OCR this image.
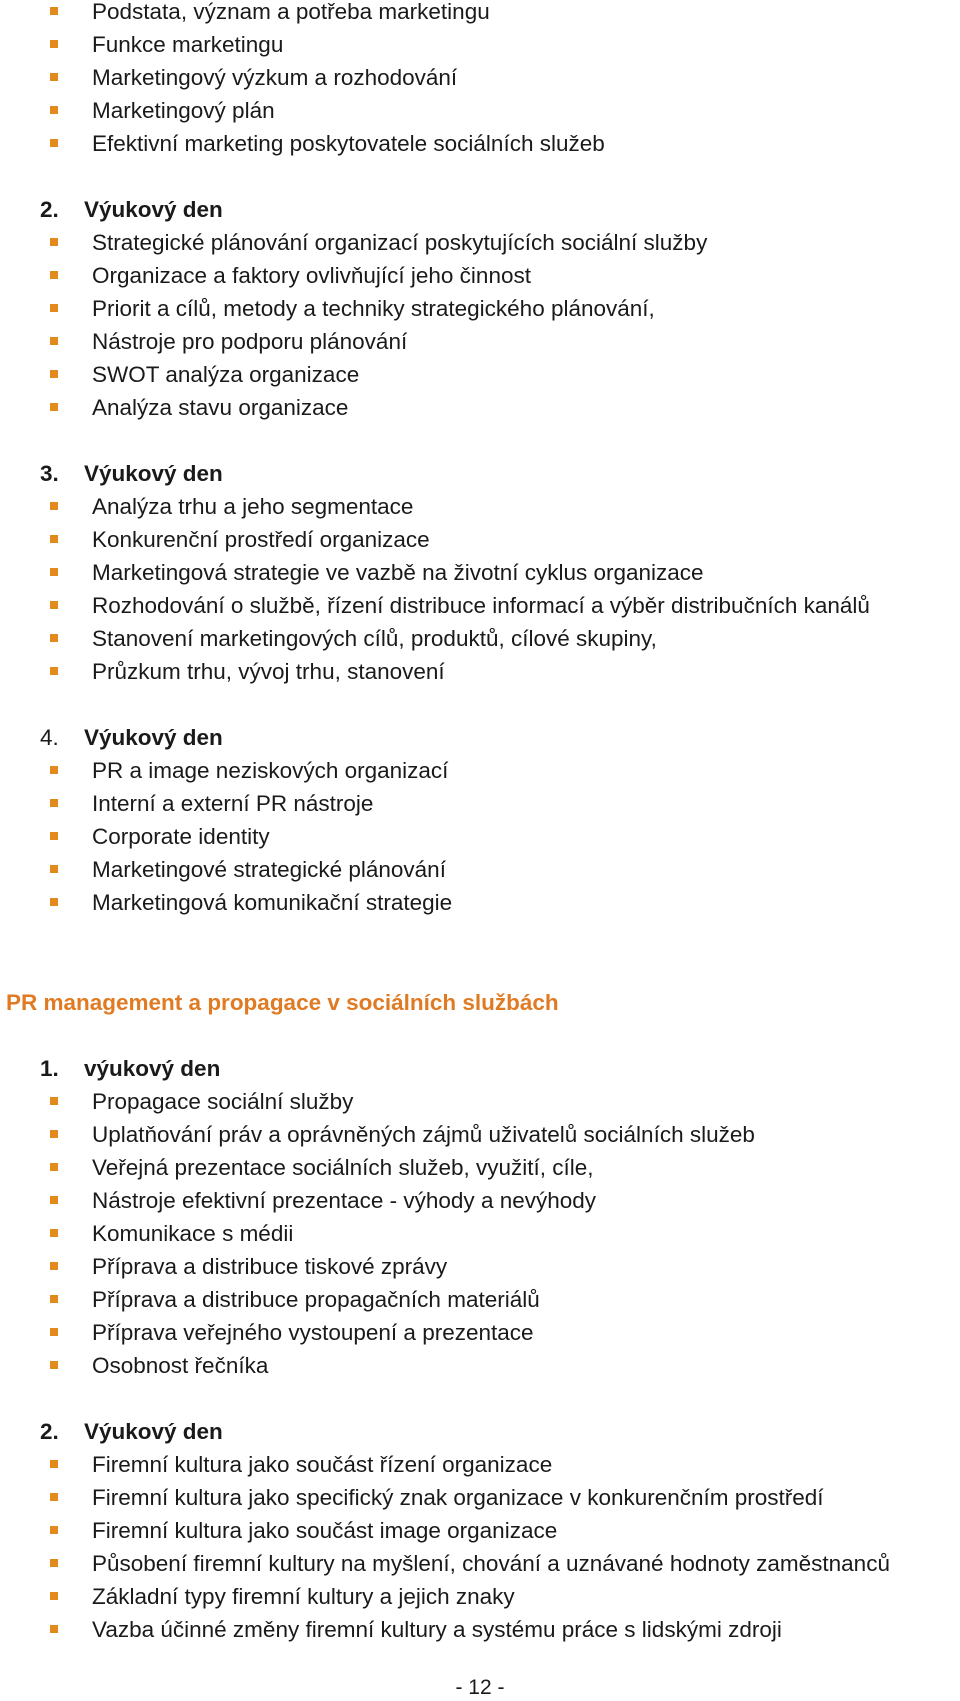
Podstata, význam a potřeba marketingu
Funkce marketingu
Marketingový výzkum a rozhodování
Marketingový plán
Efektivní marketing poskytovatele sociálních služeb
2. Výukový den
Strategické plánování organizací poskytujících sociální služby
Organizace a faktory ovlivňující jeho činnost
Priorit a cílů, metody a techniky strategického plánování,
Nástroje pro podporu plánování
SWOT analýza organizace
Analýza stavu organizace
3. Výukový den
Analýza trhu a jeho segmentace
Konkurenční prostředí organizace
Marketingová strategie ve vazbě na životní cyklus organizace
Rozhodování o službě, řízení distribuce informací a výběr distribučních kanálů
Stanovení marketingových cílů, produktů, cílové skupiny,
Průzkum trhu, vývoj trhu, stanovení
4. Výukový den
PR a image neziskových organizací
Interní a externí PR nástroje
Corporate identity
Marketingové strategické plánování
Marketingová komunikační strategie
PR management a propagace v sociálních službách
1. výukový den
Propagace sociální služby
Uplatňování práv a oprávněných zájmů uživatelů sociálních služeb
Veřejná prezentace sociálních služeb, využití, cíle,
Nástroje efektivní prezentace - výhody a nevýhody
Komunikace s médii
Příprava a distribuce tiskové zprávy
Příprava a distribuce propagačních materiálů
Příprava veřejného vystoupení a prezentace
Osobnost řečníka
2. Výukový den
Firemní kultura jako součást řízení organizace
Firemní kultura jako specifický znak organizace v konkurenčním prostředí
Firemní kultura jako součást image organizace
Působení firemní kultury na myšlení, chování a uznávané hodnoty zaměstnanců
Základní typy firemní kultury a jejich znaky
Vazba účinné změny firemní kultury a systému práce s lidskými zdroji
- 12 -
